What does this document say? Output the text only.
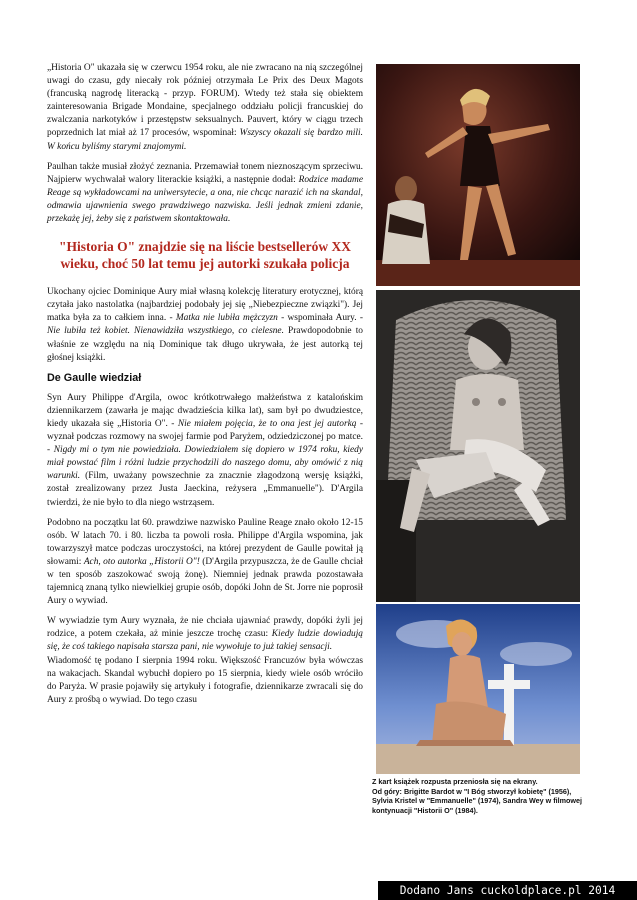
„Historia O" ukazała się w czerwcu 1954 roku, ale nie zwracano na nią szczególnej uwagi do czasu, gdy niecały rok później otrzymała Le Prix des Deux Magots (francuską nagrodę literacką - przyp. FORUM). Wtedy też stała się obiektem zainteresowania Brigade Mondaine, specjalnego oddziału policji francuskiej do zwalczania narkotyków i przestępstw seksualnych. Pauvert, który w ciągu trzech poprzednich lat miał aż 17 procesów, wspominał: Wszyscy okazali się bardzo mili. W końcu byliśmy starymi znajomymi.

Paulhan także musiał złożyć zeznania. Przemawiał tonem nieznoszącym sprzeciwu. Najpierw wychwalał walory literackie książki, a następnie dodał: Rodzice madame Reage są wykładowcami na uniwersytecie, a ona, nie chcąc narazić ich na skandal, odmawia ujawnienia swego prawdziwego nazwiska. Jeśli jednak zmieni zdanie, przekażę jej, żeby się z państwem skontaktowała.

"Historia O" znajdzie się na liście bestsellerów XX wieku, choć 50 lat temu jej autorki szukała policja

Ukochany ojciec Dominique Aury miał własną kolekcję literatury erotycznej, którą czytała jako nastolatka (najbardziej podobały jej się „Niebezpieczne związki"). Jej matka była za to całkiem inna. - Matka nie lubiła mężczyzn - wspominała Aury. - Nie lubiła też kobiet. Nienawidziła wszystkiego, co cielesne. Prawdopodobnie to właśnie ze względu na nią Dominique tak długo ukrywała, że jest autorką tej głośnej książki.

De Gaulle wiedział

Syn Aury Philippe d'Argila, owoc krótkotrwałego małżeństwa z katalońskim dziennikarzem (zawarła je mając dwadzieścia kilka lat), sam był po dwudziestce, kiedy ukazała się „Historia O". - Nie miałem pojęcia, że to ona jest jej autorką - wyznał podczas rozmowy na swojej farmie pod Paryżem, odziedziczonej po matce. - Nigdy mi o tym nie powiedziała. Dowiedziałem się dopiero w 1974 roku, kiedy miał powstać film i różni ludzie przychodzili do naszego domu, aby omówić z nią warunki. (Film, uważany powszechnie za znacznie złagodzoną wersję książki, został zrealizowany przez Justa Jaeckina, reżysera „Emmanuelle"). D'Argila twierdzi, że nie było to dla niego wstrząsem.

Podobno na początku lat 60. prawdziwe nazwisko Pauline Reage znało około 12-15 osób. W latach 70. i 80. liczba ta powoli rosła. Philippe d'Argila wspomina, jak towarzyszył matce podczas uroczystości, na której prezydent de Gaulle powitał ją słowami: Ach, oto autorka „Historii O"! (D'Argila przypuszcza, że de Gaulle chciał w ten sposób zaszokować swoją żonę). Niemniej jednak prawda pozostawała tajemnicą znaną tylko niewielkiej grupie osób, dopóki John de St. Jorre nie poprosił Aury o wywiad.

W wywiadzie tym Aury wyznała, że nie chciała ujawniać prawdy, dopóki żyli jej rodzice, a potem czekała, aż minie jeszcze trochę czasu: Kiedy ludzie dowiadują się, że coś takiego napisała starsza pani, nie wywołuje to już takiej sensacji.

Wiadomość tę podano I sierpnia 1994 roku. Większość Francuzów była wówczas na wakacjach. Skandal wybuchł dopiero po 15 sierpnia, kiedy wiele osób wróciło do Paryża. W prasie pojawiły się artykuły i fotografie, dziennikarze zwracali się do Aury z prośbą o wywiad. Do tego czasu

Z kart książek rozpusta przeniosła się na ekrany.
Od góry: Brigitte Bardot w "I Bóg stworzył kobietę" (1956), Sylvia Kristel w "Emmanuelle" (1974), Sandra Wey w filmowej kontynuacji "Historii O" (1984).
Dodano Jans cuckoldplace.pl 2014
